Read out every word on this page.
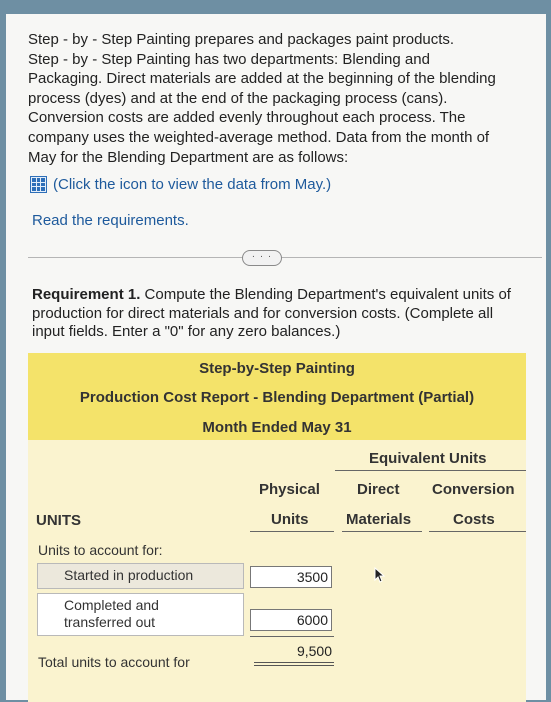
Step - by - Step Painting prepares and packages paint products.
Step - by - Step Painting has two departments: Blending and
Packaging. Direct materials are added at the beginning of the blending
process (dyes) and at the end of the packaging process (cans).
Conversion costs are added evenly throughout each process. The
company uses the weighted-average method. Data from the month of
May for the Blending Department are as follows:
(Click the icon to view the data from May.)
Read the requirements.
· · ·
Requirement 1. Compute the Blending Department's equivalent units of production for direct materials and for conversion costs. (Complete all input fields. Enter a "0" for any zero balances.)
Step-by-Step Painting
Production Cost Report - Blending Department (Partial)
Month Ended May 31
Equivalent Units
Physical
Units
Direct
Materials
Conversion
Costs
UNITS
Units to account for:
Started in production	3500
Completed and
transferred out	6000
Total units to account for
9,500
